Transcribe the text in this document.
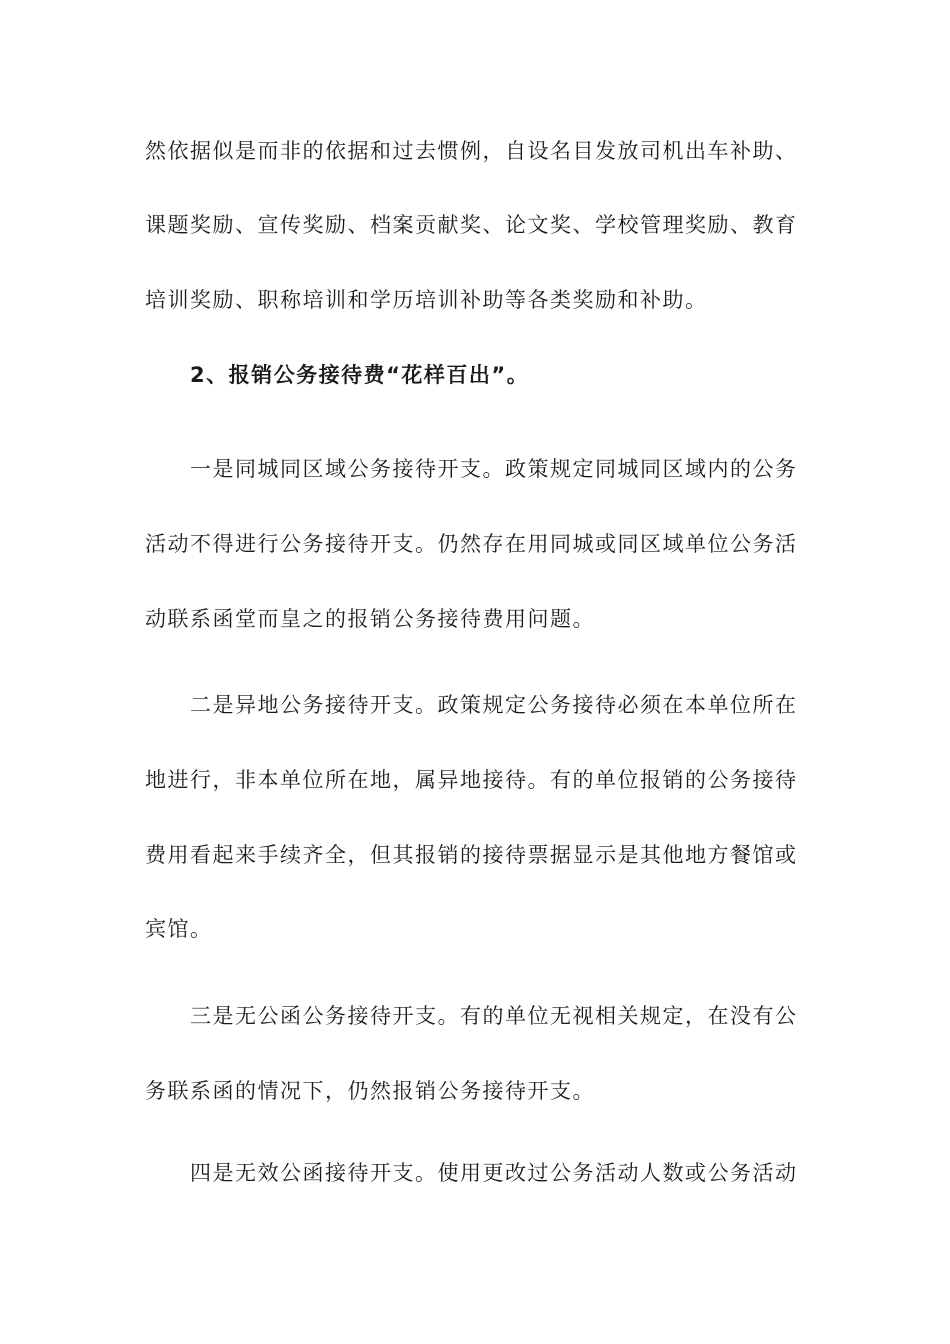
然依据似是而非的依据和过去惯例，自设名目发放司机出车补助、
课题奖励、宣传奖励、档案贡献奖、论文奖、学校管理奖励、教育
培训奖励、职称培训和学历培训补助等各类奖励和补助。
2、报销公务接待费“花样百出”。
一是同城同区域公务接待开支。政策规定同城同区域内的公务
活动不得进行公务接待开支。仍然存在用同城或同区域单位公务活
动联系函堂而皇之的报销公务接待费用问题。
二是异地公务接待开支。政策规定公务接待必须在本单位所在
地进行，非本单位所在地，属异地接待。有的单位报销的公务接待
费用看起来手续齐全，但其报销的接待票据显示是其他地方餐馆或
宾馆。
三是无公函公务接待开支。有的单位无视相关规定，在没有公
务联系函的情况下，仍然报销公务接待开支。
四是无效公函接待开支。使用更改过公务活动人数或公务活动
